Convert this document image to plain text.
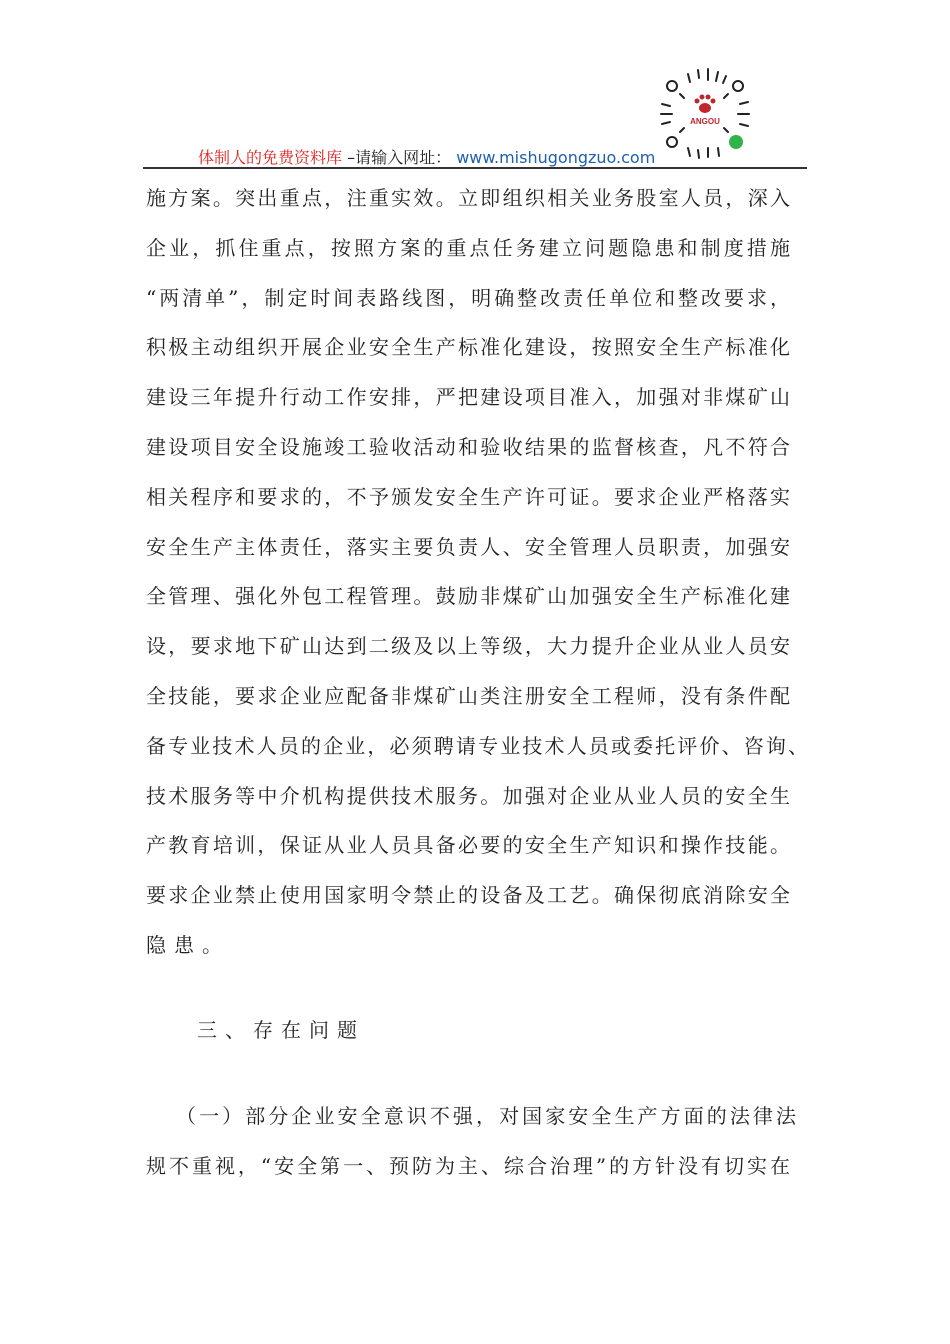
体制人的免费资料库 –请输入网址： www.mishugongzuo.com
ANGOU
施方案。突出重点，注重实效。立即组织相关业务股室人员，深入
企业，抓住重点，按照方案的重点任务建立问题隐患和制度措施
“两清单”，制定时间表路线图，明确整改责任单位和整改要求，
积极主动组织开展企业安全生产标准化建设，按照安全生产标准化
建设三年提升行动工作安排，严把建设项目准入，加强对非煤矿山
建设项目安全设施竣工验收活动和验收结果的监督核查，凡不符合
相关程序和要求的，不予颁发安全生产许可证。要求企业严格落实
安全生产主体责任，落实主要负责人、安全管理人员职责，加强安
全管理、强化外包工程管理。鼓励非煤矿山加强安全生产标准化建
设，要求地下矿山达到二级及以上等级，大力提升企业从业人员安
全技能，要求企业应配备非煤矿山类注册安全工程师，没有条件配
备专业技术人员的企业，必须聘请专业技术人员或委托评价、咨询、
技术服务等中介机构提供技术服务。加强对企业从业人员的安全生
产教育培训，保证从业人员具备必要的安全生产知识和操作技能。
要求企业禁止使用国家明令禁止的设备及工艺。确保彻底消除安全
隐患。
三、存在问题
（一）部分企业安全意识不强，对国家安全生产方面的法律法
规不重视，“安全第一、预防为主、综合治理”的方针没有切实在
